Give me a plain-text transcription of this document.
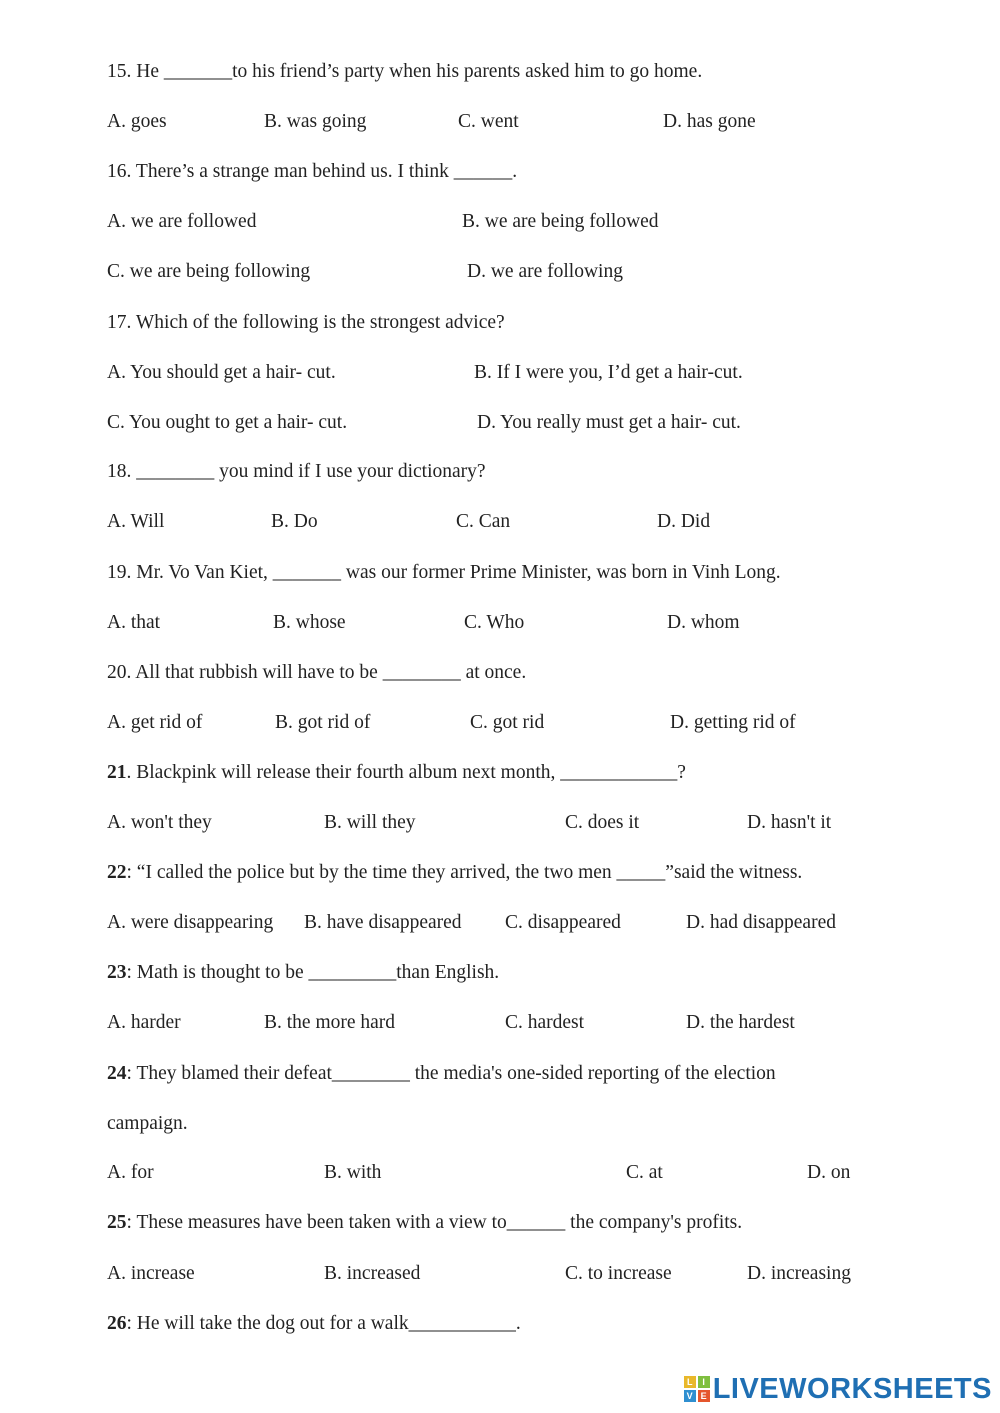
15. He _______to his friend’s party when his parents asked him to go home.
A. goes	B. was going	C. went	D. has gone
16. There’s a strange man behind us. I think ______.
A. we are followed	B. we are being followed
C. we are being following	D. we are following
17. Which of the following is the strongest advice?
A. You should get a hair- cut.	B. If I were you, I’d get a hair-cut.
C. You ought to get a hair- cut.	D. You really must get a hair- cut.
18. ________ you mind if I use your dictionary?
A. Will	B. Do	C. Can	D. Did
19. Mr. Vo Van Kiet, _______ was our former Prime Minister, was born in Vinh Long.
A. that	B. whose	C. Who	D. whom
20. All that rubbish will have to be ________ at once.
A. get rid of	B. got rid of	C. got rid	D. getting rid of
21. Blackpink will release their fourth album next month, ____________?
A. won't they	B. will they	C. does it	D. hasn't it
22: “I called the police but by the time they arrived, the two men _____”said the witness.
A. were disappearing B. have disappeared C. disappeared	D. had disappeared
23: Math is thought to be _________than English.
A. harder	B. the more hard	C. hardest	D. the hardest
24: They blamed their defeat________ the media's one-sided reporting of the election
campaign.
A. for	B. with	C. at	D. on
25: These measures have been taken with a view to______ the company's profits.
A. increase	B. increased	C. to increase	D. increasing
26: He will take the dog out for a walk___________.
L	I
V E LIVEWORKSHEETS
